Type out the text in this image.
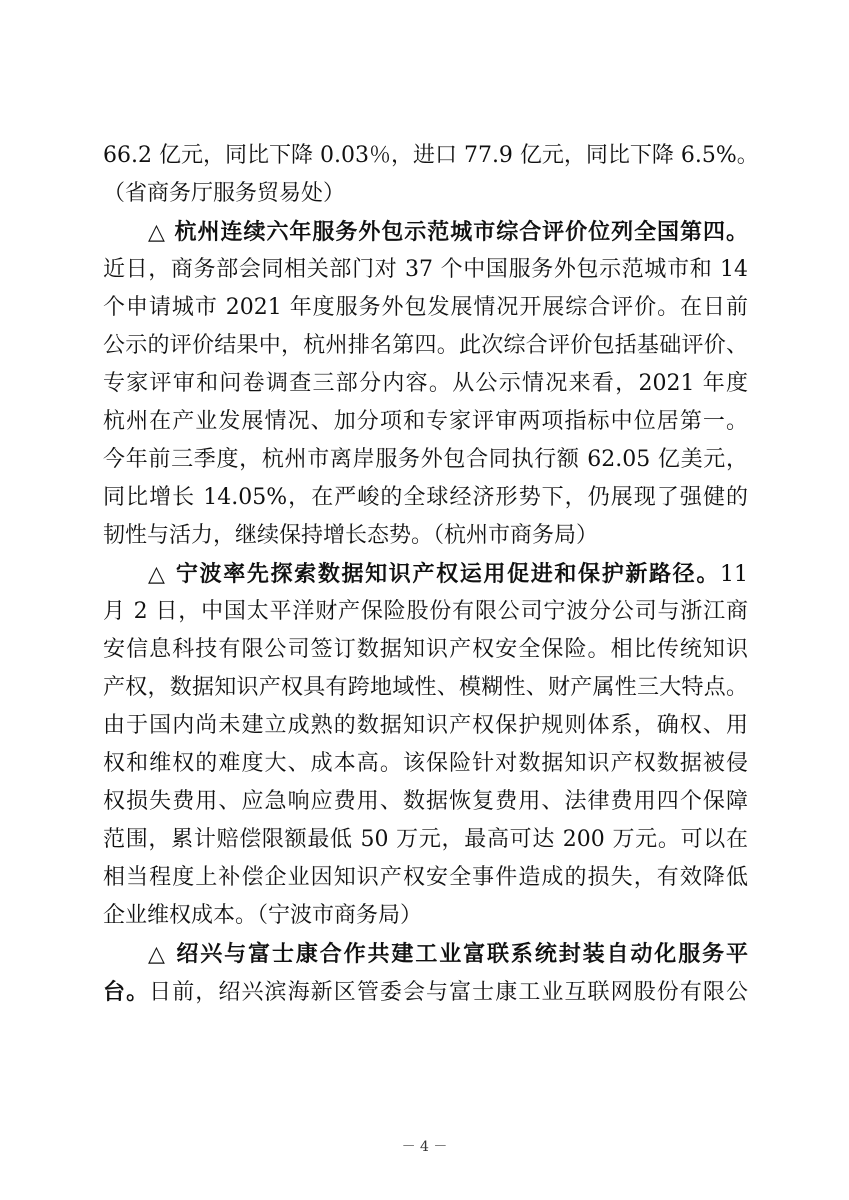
66.2 亿元，同比下降 0.03％，进口 77.9 亿元，同比下降 6.5%。
（省商务厅服务贸易处）
△ 杭州连续六年服务外包示范城市综合评价位列全国第四。
近日，商务部会同相关部门对 37 个中国服务外包示范城市和 14
个申请城市 2021 年度服务外包发展情况开展综合评价。在日前
公示的评价结果中，杭州排名第四。此次综合评价包括基础评价、
专家评审和问卷调查三部分内容。从公示情况来看，2021 年度
杭州在产业发展情况、加分项和专家评审两项指标中位居第一。
今年前三季度，杭州市离岸服务外包合同执行额 62.05 亿美元，
同比增长 14.05%，在严峻的全球经济形势下，仍展现了强健的
韧性与活力，继续保持增长态势。（杭州市商务局）
△ 宁波率先探索数据知识产权运用促进和保护新路径。11
月 2 日，中国太平洋财产保险股份有限公司宁波分公司与浙江商
安信息科技有限公司签订数据知识产权安全保险。相比传统知识
产权，数据知识产权具有跨地域性、模糊性、财产属性三大特点。
由于国内尚未建立成熟的数据知识产权保护规则体系，确权、用
权和维权的难度大、成本高。该保险针对数据知识产权数据被侵
权损失费用、应急响应费用、数据恢复费用、法律费用四个保障
范围，累计赔偿限额最低 50 万元，最高可达 200 万元。可以在
相当程度上补偿企业因知识产权安全事件造成的损失，有效降低
企业维权成本。（宁波市商务局）
△ 绍兴与富士康合作共建工业富联系统封装自动化服务平
台。日前，绍兴滨海新区管委会与富士康工业互联网股份有限公
－ 4 －
